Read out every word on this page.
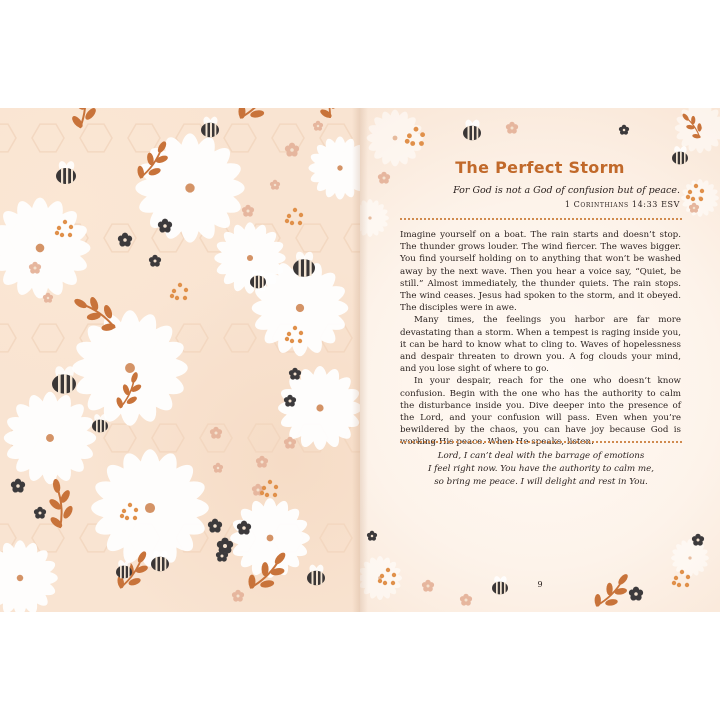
The Perfect Storm
For God is not a God of confusion but of peace.
1 Corinthians 14:33 ESV

Imagine yourself on a boat. The rain starts and doesn’t stop. The thunder grows louder. The wind fiercer. The waves bigger. You find yourself holding on to anything that won’t be washed away by the next wave. Then you hear a voice say, “Quiet, be still.” Almost immediately, the thunder quiets. The rain stops. The wind ceases. Jesus had spoken to the storm, and it obeyed. The disciples were in awe.

Many times, the feelings you harbor are far more devastating than a storm. When a tempest is raging inside you, it can be hard to know what to cling to. Waves of hopelessness and despair threaten to drown you. A fog clouds your mind, and you lose sight of where to go.

In your despair, reach for the one who doesn’t know confusion. Begin with the one who has the authority to calm the disturbance inside you. Dive deeper into the presence of the Lord, and your confusion will pass. Even when you’re bewildered by the chaos, you can have joy because God is working His peace. When He speaks, listen.

Lord, I can’t deal with the barrage of emotions
I feel right now. You have the authority to calm me,
so bring me peace. I will delight and rest in You.
9
